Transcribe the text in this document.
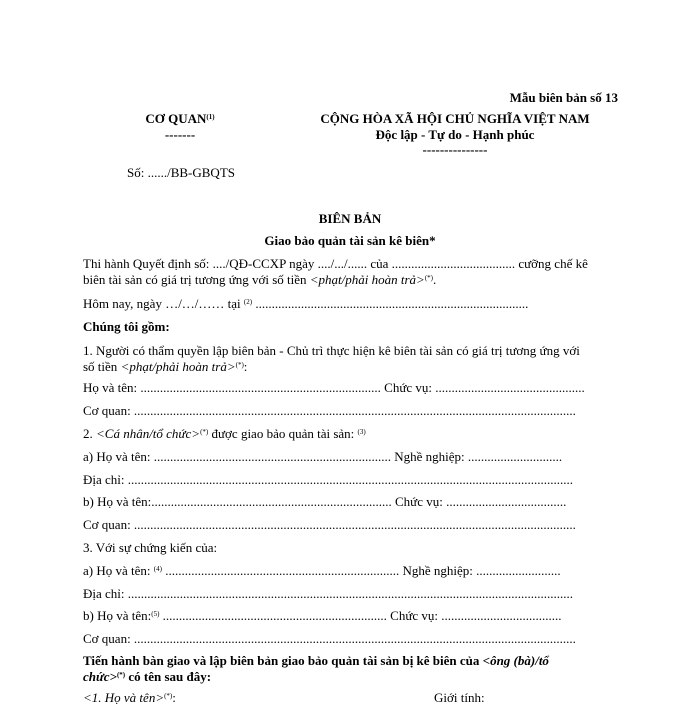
Mẫu biên bản số 13
CƠ QUAN$^{(1)}$
-------
CỘNG HÒA XÃ HỘI CHỦ NGHĨA VIỆT NAM
Độc lập - Tự do - Hạnh phúc
---------------
Số: ....../BB-GBQTS
BIÊN BẢN
Giao bảo quản tài sản kê biên*
Thi hành Quyết định số: ..../QĐ-CCXP ngày ..../.../...... của ...................................... cưỡng chế kê
biên tài sản có giá trị tương ứng với số tiền <phạt/phải hoàn trả>(*).
Hôm nay, ngày …/…/…… tại $^{(2)}$ ....................................................................................
Chúng tôi gồm:
1. Người có thẩm quyền lập biên bản - Chủ trì thực hiện kê biên tài sản có giá trị tương ứng với
số tiền <phạt/phải hoàn trả>(*):
Họ và tên: .......................................................................... Chức vụ: ..............................................
Cơ quan: ........................................................................................................................................
2. <Cá nhân/tổ chức>(*) được giao bảo quản tài sản: $^{(3)}$
a) Họ và tên: ......................................................................... Nghề nghiệp: .............................
Địa chỉ: .........................................................................................................................................
b) Họ và tên:.......................................................................... Chức vụ: .....................................
Cơ quan: ........................................................................................................................................
3. Với sự chứng kiến của:
a) Họ và tên: $^{(4)}$ ........................................................................ Nghề nghiệp: ..........................
Địa chỉ: .........................................................................................................................................
b) Họ và tên:$^{(5)}$ ..................................................................... Chức vụ: .....................................
Cơ quan: ........................................................................................................................................
Tiến hành bàn giao và lập biên bản giao bảo quản tài sản bị kê biên của <ông (bà)/tổ
chức>(*) có tên sau đây:
<1. Họ và tên>(*):	Giới tính:
